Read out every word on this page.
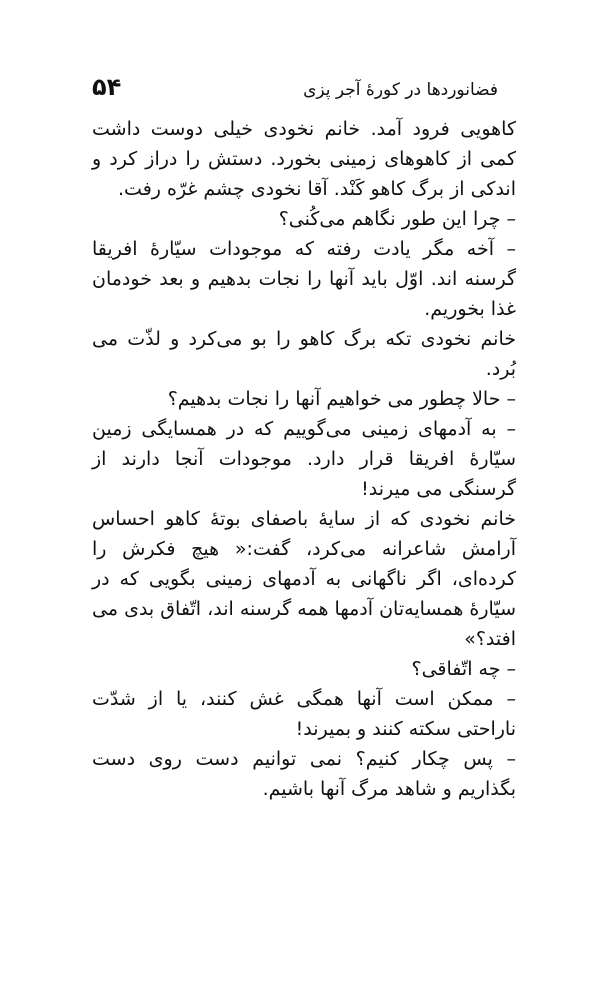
فضانوردها در کورهٔ آجر پزی
۵۴

کاهویی فرود آمد. خانم نخودی خیلی دوست داشت کمی از کاهوهای زمینی بخورد. دستش را دراز کرد و اندکی از برگ کاهو کَنْد. آقا نخودی چشم غرّه رفت.

– چرا این طور نگاهم می‌کُنی؟

– آخه مگر یادت رفته که موجودات سیّارهٔ افریقا گرسنه اند. اوّل باید آنها را نجات بدهیم و بعد خودمان غذا بخوریم.

خانم نخودی تکه برگ کاهو را بو می‌کرد و لذّت می‌ بُرد.

– حالا چطور می خواهیم آنها را نجات بدهیم؟

– به آدمهای زمینی می‌گوییم که در همسایگی زمین سیّارهٔ افریقا قرار دارد. موجودات آنجا دارند از گرسنگی می میرند!

خانم نخودی که از سایهٔ باصفای بوتهٔ کاهو احساس آرامش شاعرانه می‌کرد، گفت:« هیچ فکرش را کرده‌ای، اگر ناگهانی به آدمهای زمینی بگویی که در سیّارهٔ همسایه‌تان آدمها همه گرسنه اند، اتّفاق بدی می افتد؟»

– چه اتّفاقی؟

– ممکن است آنها همگی غش کنند، یا از شدّت ناراحتی سکته کنند و بمیرند!

– پس چکار کنیم؟ نمی توانیم دست روی دست بگذاریم و شاهد مرگ آنها باشیم.
